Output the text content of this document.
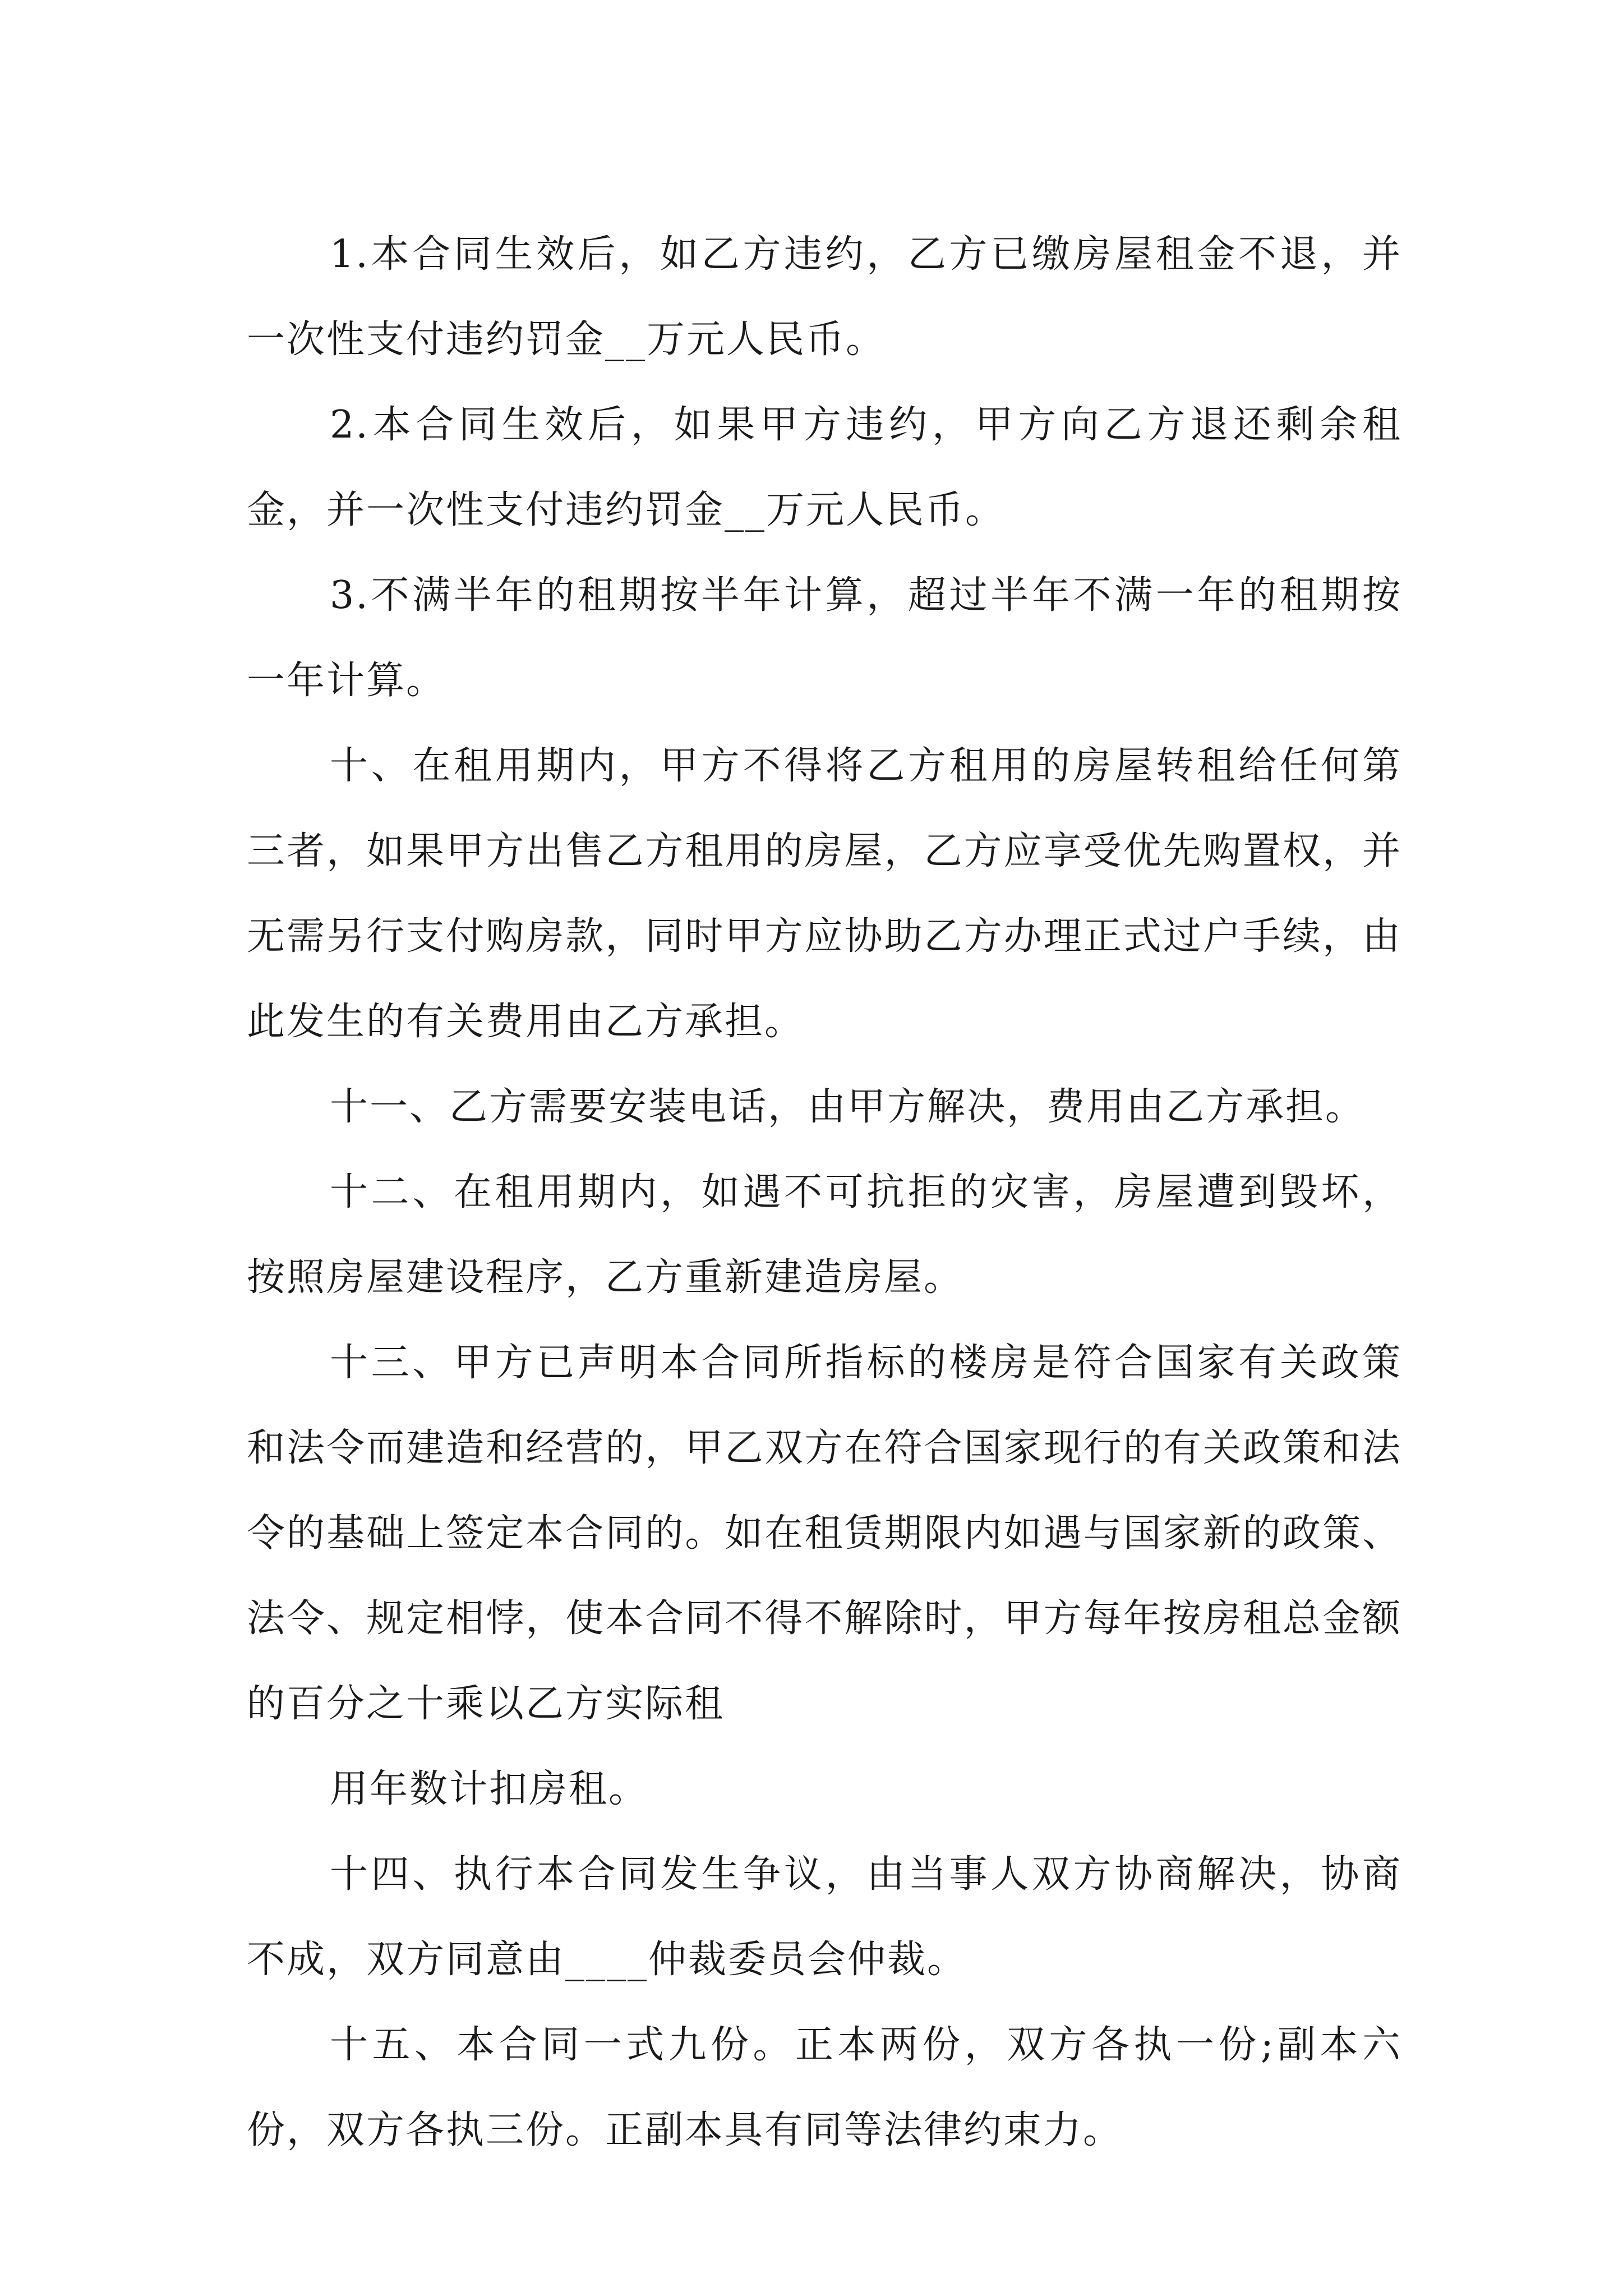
1.本合同生效后，如乙方违约，乙方已缴房屋租金不退，并一次性支付违约罚金__万元人民币。

2.本合同生效后，如果甲方违约，甲方向乙方退还剩余租金，并一次性支付违约罚金__万元人民币。

3.不满半年的租期按半年计算，超过半年不满一年的租期按一年计算。

十、在租用期内，甲方不得将乙方租用的房屋转租给任何第三者，如果甲方出售乙方租用的房屋，乙方应享受优先购置权，并无需另行支付购房款，同时甲方应协助乙方办理正式过户手续，由此发生的有关费用由乙方承担。

十一、乙方需要安装电话，由甲方解决，费用由乙方承担。

十二、在租用期内，如遇不可抗拒的灾害，房屋遭到毁坏，按照房屋建设程序，乙方重新建造房屋。

十三、甲方已声明本合同所指标的楼房是符合国家有关政策和法令而建造和经营的，甲乙双方在符合国家现行的有关政策和法令的基础上签定本合同的。如在租赁期限内如遇与国家新的政策、法令、规定相悖，使本合同不得不解除时，甲方每年按房租总金额的百分之十乘以乙方实际租

用年数计扣房租。

十四、执行本合同发生争议，由当事人双方协商解决，协商不成，双方同意由____仲裁委员会仲裁。

十五、本合同一式九份。正本两份，双方各执一份;副本六份，双方各执三份。正副本具有同等法律约束力。
